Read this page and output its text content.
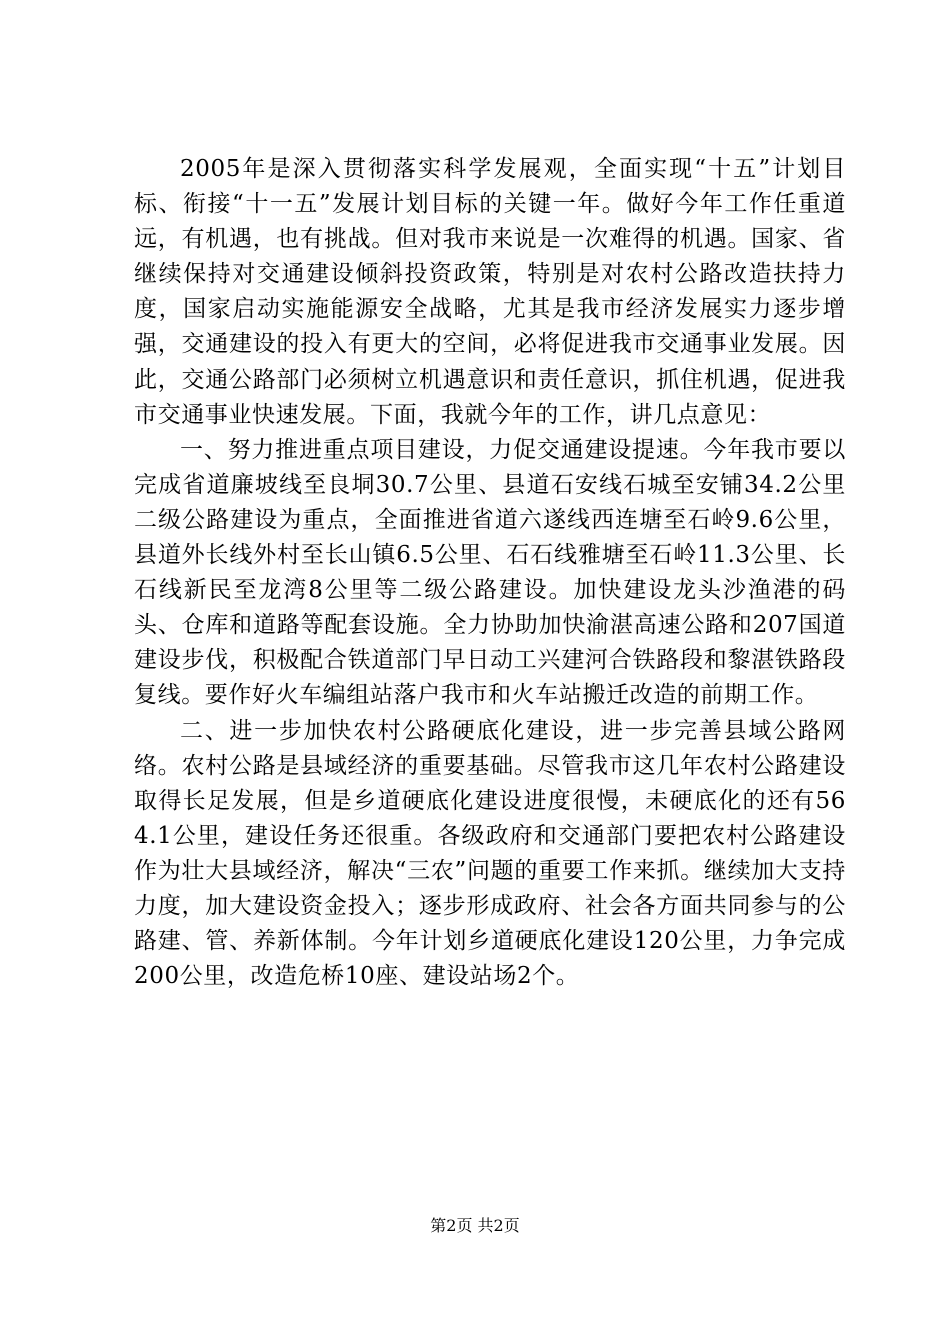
2005年是深入贯彻落实科学发展观，全面实现“十五”计划目标、衔接“十一五”发展计划目标的关键一年。做好今年工作任重道远，有机遇，也有挑战。但对我市来说是一次难得的机遇。国家、省继续保持对交通建设倾斜投资政策，特别是对农村公路改造扶持力度，国家启动实施能源安全战略，尤其是我市经济发展实力逐步增强，交通建设的投入有更大的空间，必将促进我市交通事业发展。因此，交通公路部门必须树立机遇意识和责任意识，抓住机遇，促进我市交通事业快速发展。下面，我就今年的工作，讲几点意见：

一、努力推进重点项目建设，力促交通建设提速。今年我市要以完成省道廉坡线至良垌30.7公里、县道石安线石城至安铺34.2公里二级公路建设为重点，全面推进省道六遂线西连塘至石岭9.6公里，县道外长线外村至长山镇6.5公里、石石线雅塘至石岭11.3公里、长石线新民至龙湾8公里等二级公路建设。加快建设龙头沙渔港的码头、仓库和道路等配套设施。全力协助加快渝湛高速公路和207国道建设步伐，积极配合铁道部门早日动工兴建河合铁路段和黎湛铁路段复线。要作好火车编组站落户我市和火车站搬迁改造的前期工作。

二、进一步加快农村公路硬底化建设，进一步完善县域公路网络。农村公路是县域经济的重要基础。尽管我市这几年农村公路建设取得长足发展，但是乡道硬底化建设进度很慢，未硬底化的还有564.1公里，建设任务还很重。各级政府和交通部门要把农村公路建设作为壮大县域经济，解决“三农”问题的重要工作来抓。继续加大支持力度，加大建设资金投入；逐步形成政府、社会各方面共同参与的公路建、管、养新体制。今年计划乡道硬底化建设120公里，力争完成200公里，改造危桥10座、建设站场2个。

第2页 共2页
